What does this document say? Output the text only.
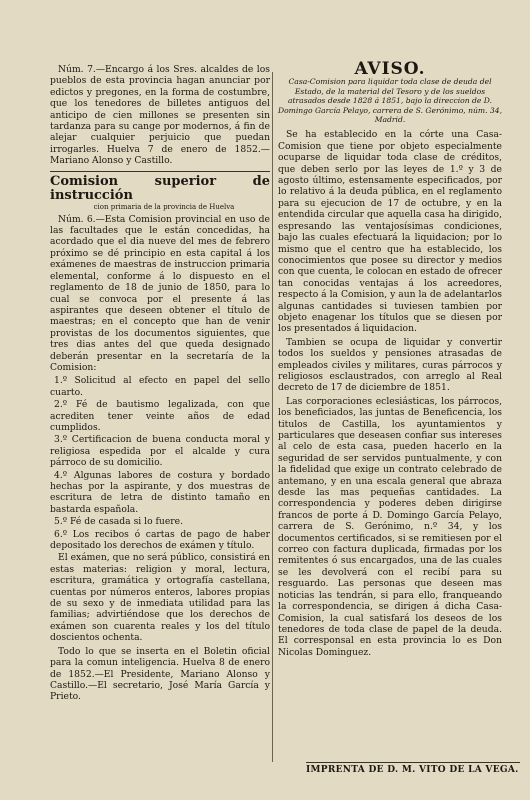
Núm. 7.—Encargo á los Sres. alcaldes de los pueblos de esta provincia hagan anunciar por edictos y pregones, en la forma de costumbre, que los tenedores de billetes antiguos del anticipo de cien millones se presenten sin tardanza para su cange por modernos, á fin de alejar cualquier perjuicio que puedan irrogarles. Huelva 7 de enero de 1852.—Mariano Alonso y Castillo.

Comision superior de instrucción

cion primaria de la provincia de Huelva

Núm. 6.—Esta Comision provincial en uso de las facultades que le están concedidas, ha acordado que el dia nueve del mes de febrero próximo se dé principio en esta capital á los exámenes de maestras de instruccion primaria elemental, conforme á lo dispuesto en el reglamento de 18 de junio de 1850, para lo cual se convoca por el presente á las aspirantes que deseen obtener el título de maestras; en el concepto que han de venir provistas de los documentos siguientes, que tres dias antes del que queda designado deberán presentar en la secretaría de la Comision:

1.º Solicitud al efecto en papel del sello cuarto.

2.º Fé de bautismo legalizada, con que acrediten tener veinte años de edad cumplidos.

3.º Certificacion de buena conducta moral y religiosa espedida por el alcalde y cura párroco de su domicilio.

4.º Algunas labores de costura y bordado hechas por la aspirante, y dos muestras de escritura de letra de distinto tamaño en bastarda española.

5.º Fé de casada si lo fuere.

6.º Los recibos ó cartas de pago de haber depositado los derechos de exámen y título.

El exámen, que no será público, consistirá en estas materias: religion y moral, lectura, escritura, gramática y ortografía castellana, cuentas por números enteros, labores propias de su sexo y de inmediata utilidad para las familias; advirtiéndose que los derechos de exámen son cuarenta reales y los del título doscientos ochenta.

Todo lo que se inserta en el Boletin oficial para la comun inteligencia. Huelva 8 de enero de 1852.—El Presidente, Mariano Alonso y Castillo.—El secretario, José María García y Prieto.

AVISO.
Casa-Comision para liquidar toda clase de deuda del Estado, de la material del Tesoro y de los sueldos atrasados desde 1828 á 1851, bajo la direccion de D. Domingo García Pelayo, carrera de S. Gerónimo, núm. 34, Madrid.

Se ha establecido en la córte una Casa-Comision que tiene por objeto especialmente ocuparse de liquidar toda clase de créditos, que deben serlo por las leyes de 1.º y 3 de agosto último, estensamente especificados, por lo relativo á la deuda pública, en el reglamento para su ejecucion de 17 de octubre, y en la entendida circular que aquella casa ha dirigido, espresando las ventajosísimas condiciones, bajo las cuales efectuará la liquidacion; por lo mismo que el centro que ha establecido, los conocimientos que posee su director y medios con que cuenta, le colocan en estado de ofrecer tan conocidas ventajas á los acreedores, respecto á la Comision, y aun la de adelantarlos algunas cantidades si tuviesen tambien por objeto enagenar los títulos que se diesen por los presentados á liquidacion.

Tambien se ocupa de liquidar y convertir todos los sueldos y pensiones atrasadas de empleados civiles y militares, curas párrocos y religiosos esclaustrados, con arreglo al Real decreto de 17 de diciembre de 1851.

Las corporaciones eclesiásticas, los párrocos, los beneficiados, las juntas de Beneficencia, los titulos de Castilla, los ayuntamientos y particulares que deseasen confiar sus intereses al celo de esta casa, pueden hacerlo en la seguridad de ser servidos puntualmente, y con la fidelidad que exige un contrato celebrado de antemano, y en una escala general que abraza desde las mas pequeñas cantidades. La correspondencia y poderes deben dirigirse francos de porte á D. Domingo García Pelayo, carrera de S. Gerónimo, n.º 34, y los documentos certificados, si se remitiesen por el correo con factura duplicada, firmadas por los remitentes ó sus encargados, una de las cuales se les devolverá con el recibí para su resguardo. Las personas que deseen mas noticias las tendrán, si para ello, franqueando la correspondencia, se dirigen á dicha Casa-Comision, la cual satisfará los deseos de los tenedores de toda clase de papel de la deuda. El corresponsal en esta provincia lo es Don Nicolas Dominguez.

IMPRENTA DE D. M. VITO DE LA VEGA.
